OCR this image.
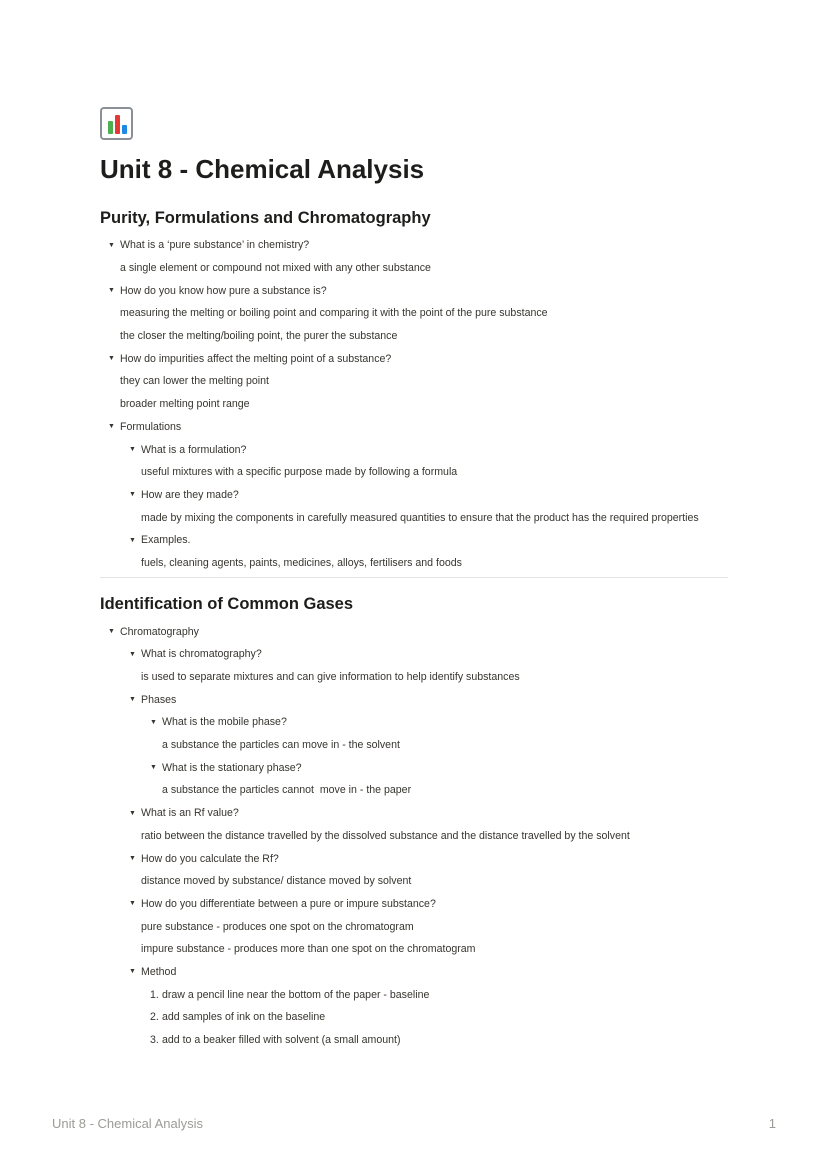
Unit 8 - Chemical Analysis
Purity, Formulations and Chromatography
▼ What is a ‘pure substance’ in chemistry?
a single element or compound not mixed with any other substance
▼ How do you know how pure a substance is?
measuring the melting or boiling point and comparing it with the point of the pure substance
the closer the melting/boiling point, the purer the substance
▼ How do impurities affect the melting point of a substance?
they can lower the melting point
broader melting point range
▼ Formulations
▼ What is a formulation?
useful mixtures with a specific purpose made by following a formula
▼ How are they made?
made by mixing the components in carefully measured quantities to ensure that the product has the required properties
▼ Examples.
fuels, cleaning agents, paints, medicines, alloys, fertilisers and foods
Identification of Common Gases
▼ Chromatography
▼ What is chromatography?
is used to separate mixtures and can give information to help identify substances
▼ Phases
▼ What is the mobile phase?
a substance the particles can move in - the solvent
▼ What is the stationary phase?
a substance the particles cannot  move in - the paper
▼ What is an Rf value?
ratio between the distance travelled by the dissolved substance and the distance travelled by the solvent
▼ How do you calculate the Rf?
distance moved by substance/ distance moved by solvent
▼ How do you differentiate between a pure or impure substance?
pure substance - produces one spot on the chromatogram
impure substance - produces more than one spot on the chromatogram
▼ Method
1. draw a pencil line near the bottom of the paper - baseline
2. add samples of ink on the baseline
3. add to a beaker filled with solvent (a small amount)
Unit 8 - Chemical Analysis	1
